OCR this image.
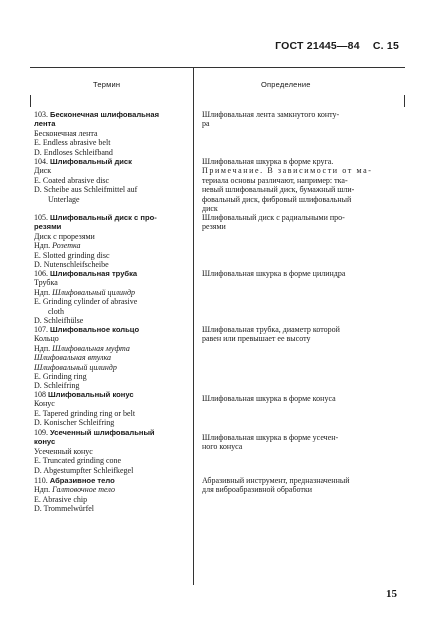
ГОСТ 21445—84 С. 15
Термин	Определение
103. Бесконечная шлифовальная
лента
Бесконечная лента
E. Endless abrasive belt
D. Endloses Schleifband
104. Шлифовальный диск
Диск
E. Coated abrasive disc
D. Scheibe aus Schleifmittel auf
Unterlage
105. Шлифовальный диск с про-
резями
Диск с прорезями
Ндп. Розетка
E. Slotted grinding disc
D. Nutenschleifscheibe
106. Шлифовальная трубка
Трубка
Ндп. Шлифовальный цилиндр
E. Grinding cylinder of abrasive
cloth
D. Schleifhülse
107. Шлифовальное кольцо
Кольцо
Ндп. Шлифовальная муфта
Шлифовальная втулка
Шлифовальный цилиндр
E. Grinding ring
D. Schleifring
108 Шлифовальный конус
Конус
E. Tapered grinding ring or belt
D. Konischer Schleifring
109. Усеченный шлифовальный
конус
Усеченный конус
E. Truncated grinding cone
D. Abgestumpfter Schleifkegel
110. Абразивное тело
Ндп. Галтовочное тело
E. Abrasive chip
D. Trommelwürfel
Шлифовальная лента замкнутого конту-
ра
Шлифовальная шкурка в форме круга.
Примечание. В зависимости от ма-
териала основы различают, например: тка-
невый шлифовальный диск, бумажный шли-
фовальный диск, фибровый шлифовальный
диск
Шлифовальный диск с радиальными про-
резями
Шлифовальная шкурка в форме цилиндра
Шлифовальная трубка, диаметр которой
равен или превышает ее высоту
Шлифовальная шкурка в форме конуса
Шлифовальная шкурка в форме усечен-
ного конуса
Абразивный инструмент, предназначенный
для виброабразивной обработки
15
